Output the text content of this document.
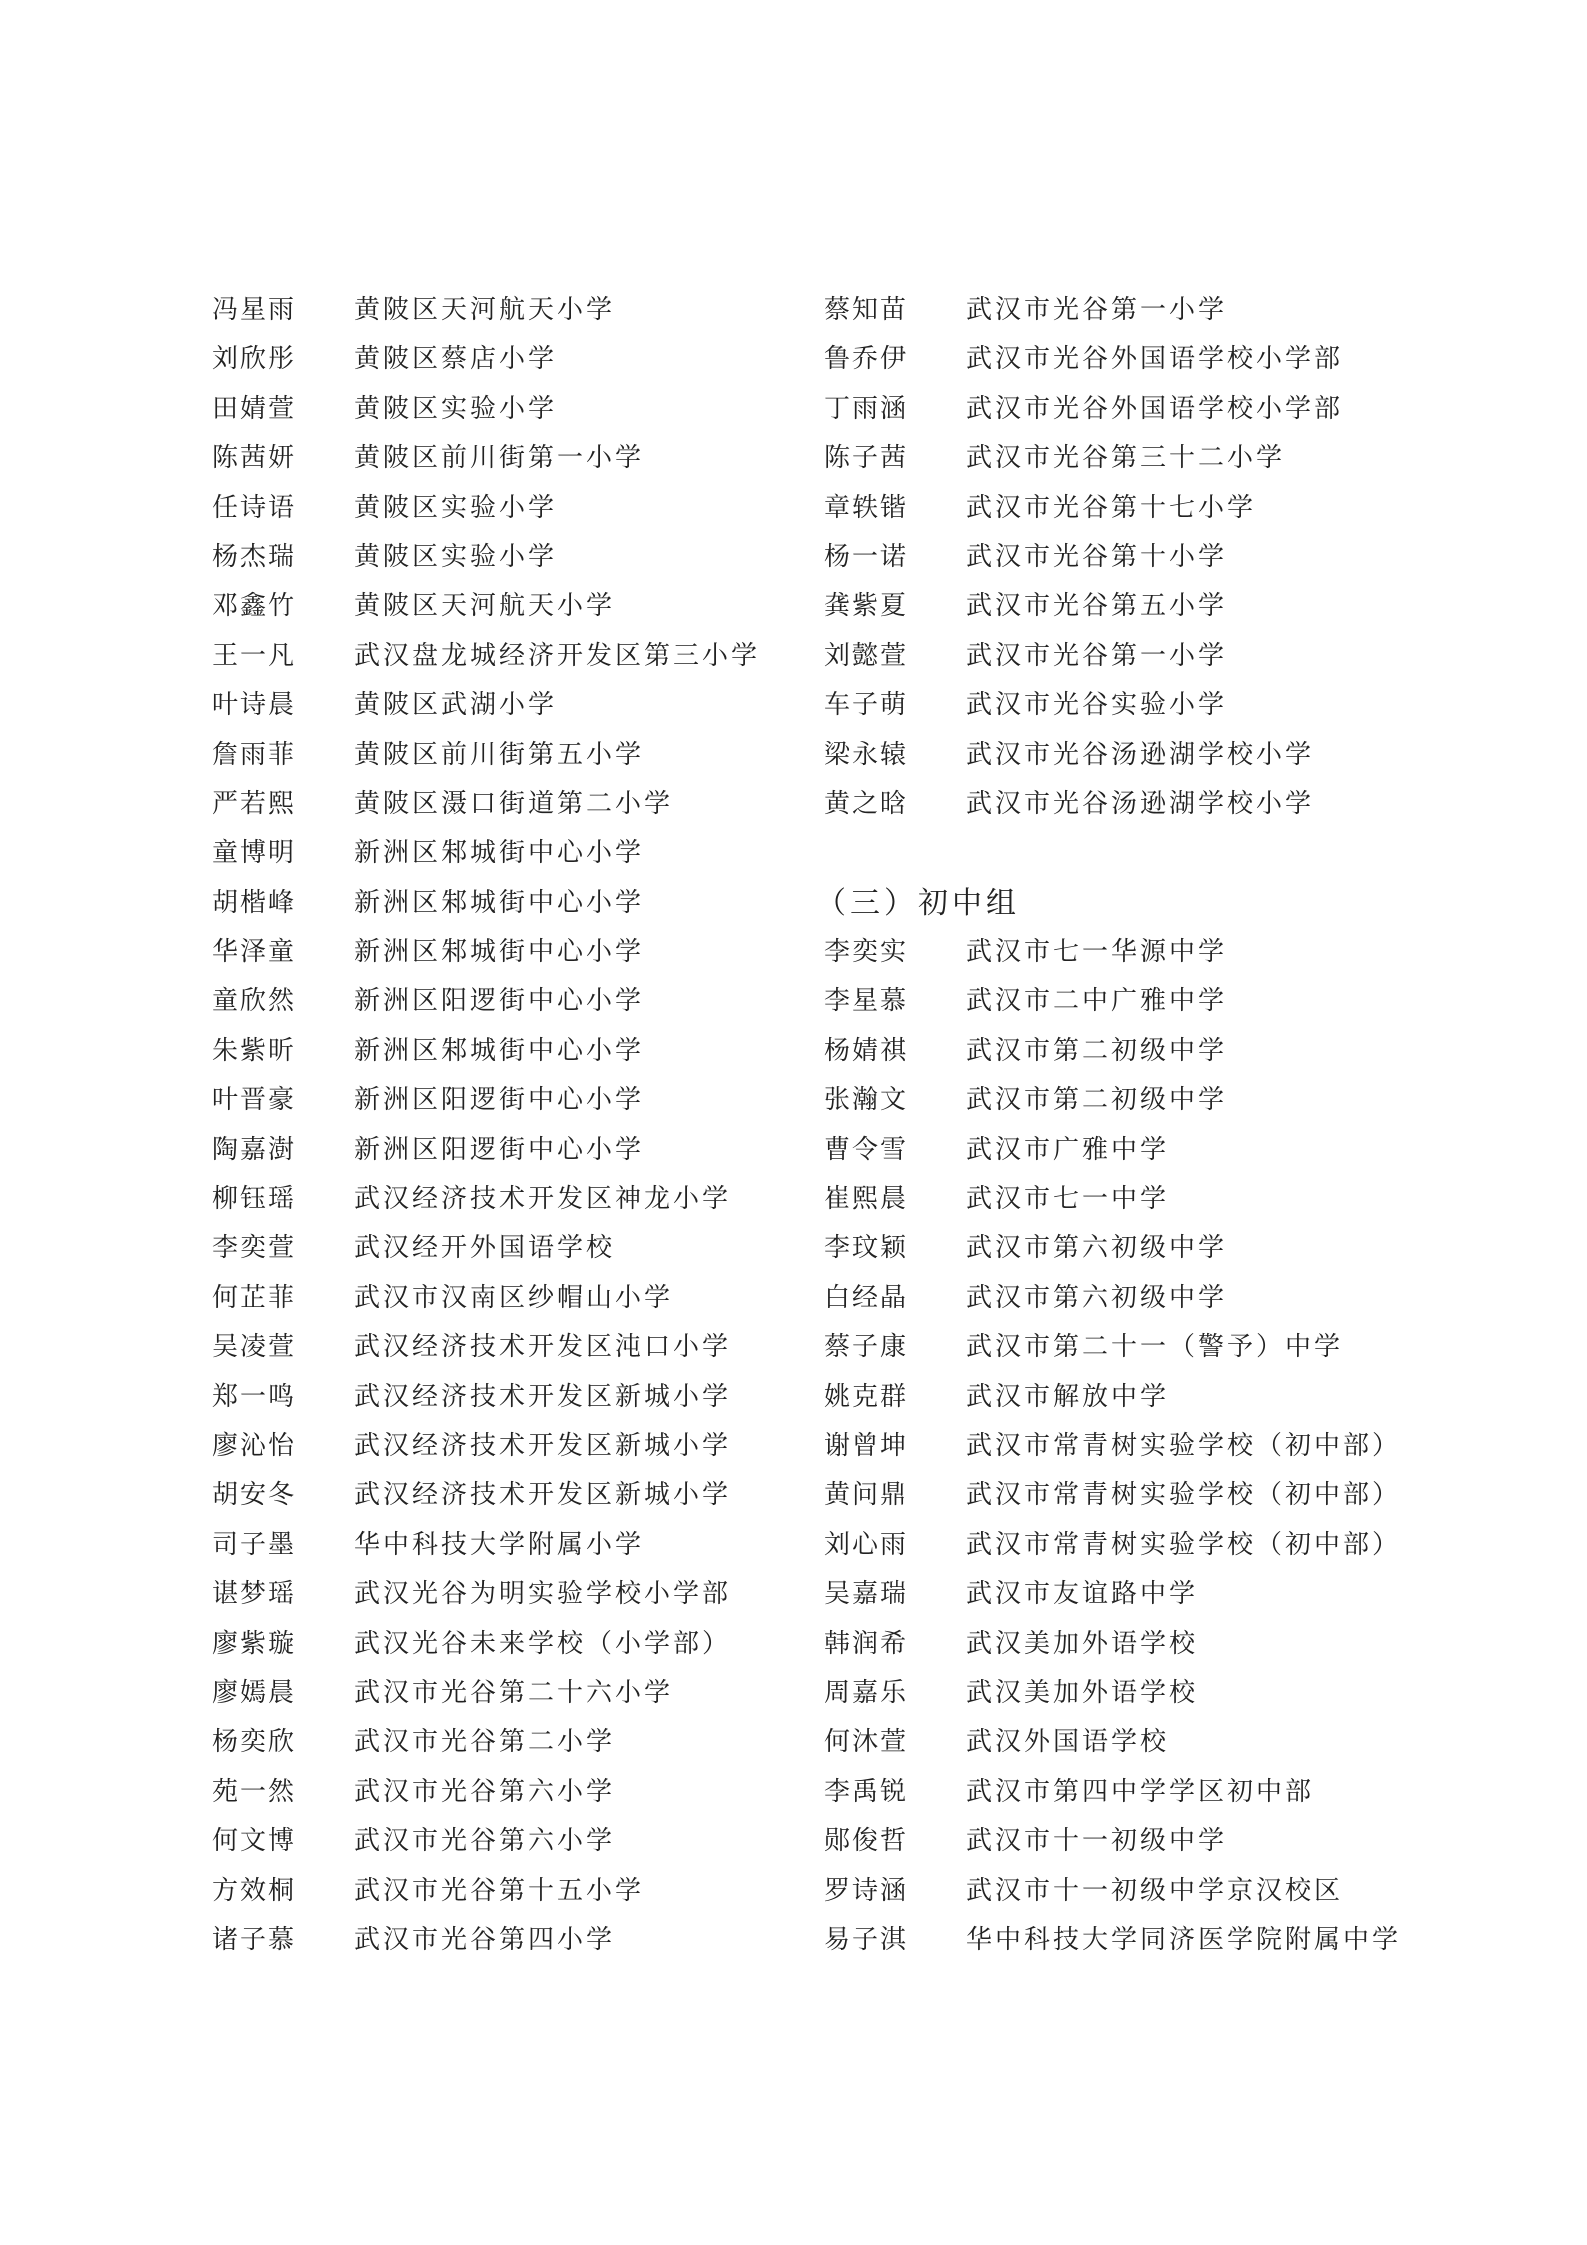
冯星雨 黄陂区天河航天小学
刘欣彤 黄陂区蔡店小学
田婧萱 黄陂区实验小学
陈茜妍 黄陂区前川街第一小学
任诗语 黄陂区实验小学
杨杰瑞 黄陂区实验小学
邓鑫竹 黄陂区天河航天小学
王一凡 武汉盘龙城经济开发区第三小学
叶诗晨 黄陂区武湖小学
詹雨菲 黄陂区前川街第五小学
严若熙 黄陂区滠口街道第二小学
童博明 新洲区邾城街中心小学
胡楷峰 新洲区邾城街中心小学
华泽童 新洲区邾城街中心小学
童欣然 新洲区阳逻街中心小学
朱紫昕 新洲区邾城街中心小学
叶晋豪 新洲区阳逻街中心小学
陶嘉澍 新洲区阳逻街中心小学
柳钰瑶 武汉经济技术开发区神龙小学
李奕萱 武汉经开外国语学校
何芷菲 武汉市汉南区纱帽山小学
吴凌萱 武汉经济技术开发区沌口小学
郑一鸣 武汉经济技术开发区新城小学
廖沁怡 武汉经济技术开发区新城小学
胡安冬 武汉经济技术开发区新城小学
司子墨 华中科技大学附属小学
谌梦瑶 武汉光谷为明实验学校小学部
廖紫璇 武汉光谷未来学校（小学部）
廖嫣晨 武汉市光谷第二十六小学
杨奕欣 武汉市光谷第二小学
苑一然 武汉市光谷第六小学
何文博 武汉市光谷第六小学
方效桐 武汉市光谷第十五小学
诸子慕 武汉市光谷第四小学
蔡知苗 武汉市光谷第一小学
鲁乔伊 武汉市光谷外国语学校小学部
丁雨涵 武汉市光谷外国语学校小学部
陈子茜 武汉市光谷第三十二小学
章轶锴 武汉市光谷第十七小学
杨一诺 武汉市光谷第十小学
龚紫夏 武汉市光谷第五小学
刘懿萱 武汉市光谷第一小学
车子萌 武汉市光谷实验小学
梁永辕 武汉市光谷汤逊湖学校小学
黄之晗 武汉市光谷汤逊湖学校小学
（三）初中组
李奕实 武汉市七一华源中学
李星慕 武汉市二中广雅中学
杨婧祺 武汉市第二初级中学
张瀚文 武汉市第二初级中学
曹令雪 武汉市广雅中学
崔熙晨 武汉市七一中学
李玟颖 武汉市第六初级中学
白经晶 武汉市第六初级中学
蔡子康 武汉市第二十一（警予）中学
姚克群 武汉市解放中学
谢曾坤 武汉市常青树实验学校（初中部）
黄问鼎 武汉市常青树实验学校（初中部）
刘心雨 武汉市常青树实验学校（初中部）
吴嘉瑞 武汉市友谊路中学
韩润希 武汉美加外语学校
周嘉乐 武汉美加外语学校
何沐萱 武汉外国语学校
李禹锐 武汉市第四中学学区初中部
郧俊哲 武汉市十一初级中学
罗诗涵 武汉市十一初级中学京汉校区
易子淇 华中科技大学同济医学院附属中学
